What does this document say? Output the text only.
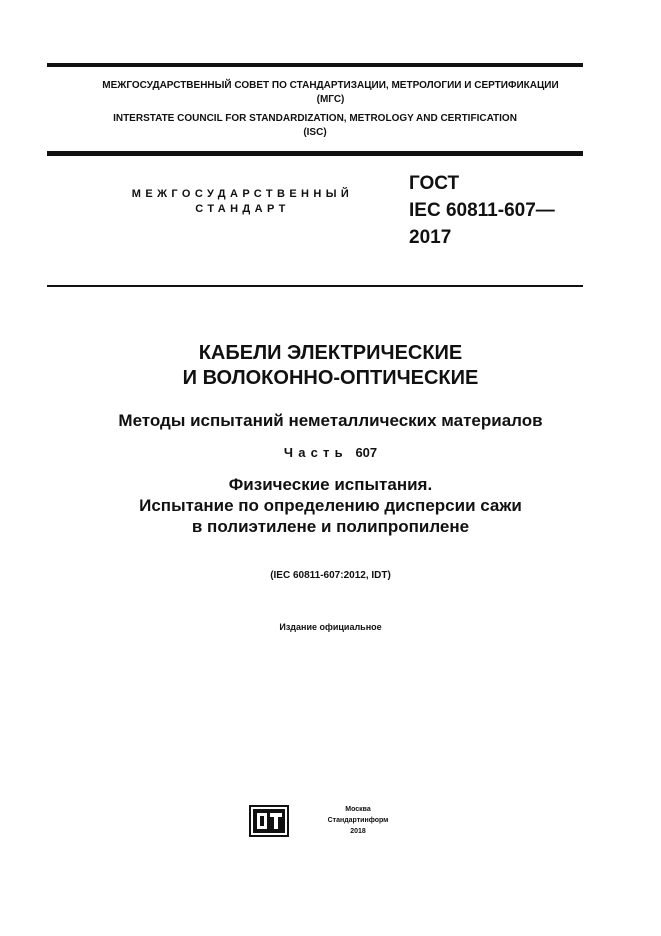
МЕЖГОСУДАРСТВЕННЫЙ СОВЕТ ПО СТАНДАРТИЗАЦИИ, МЕТРОЛОГИИ И СЕРТИФИКАЦИИ
(МГС)
INTERSTATE COUNCIL FOR STANDARDIZATION, METROLOGY AND CERTIFICATION
(ISC)
МЕЖГОСУДАРСТВЕННЫЙ
СТАНДАРТ
ГОСТ
IEC 60811-607—
2017
КАБЕЛИ ЭЛЕКТРИЧЕСКИЕ
И ВОЛОКОННО-ОПТИЧЕСКИЕ
Методы испытаний неметаллических материалов
Часть 607
Физические испытания.
Испытание по определению дисперсии сажи
в полиэтилене и полипропилене
(IEC 60811-607:2012, IDT)
Издание официальное
Москва
Стандартинформ
2018
